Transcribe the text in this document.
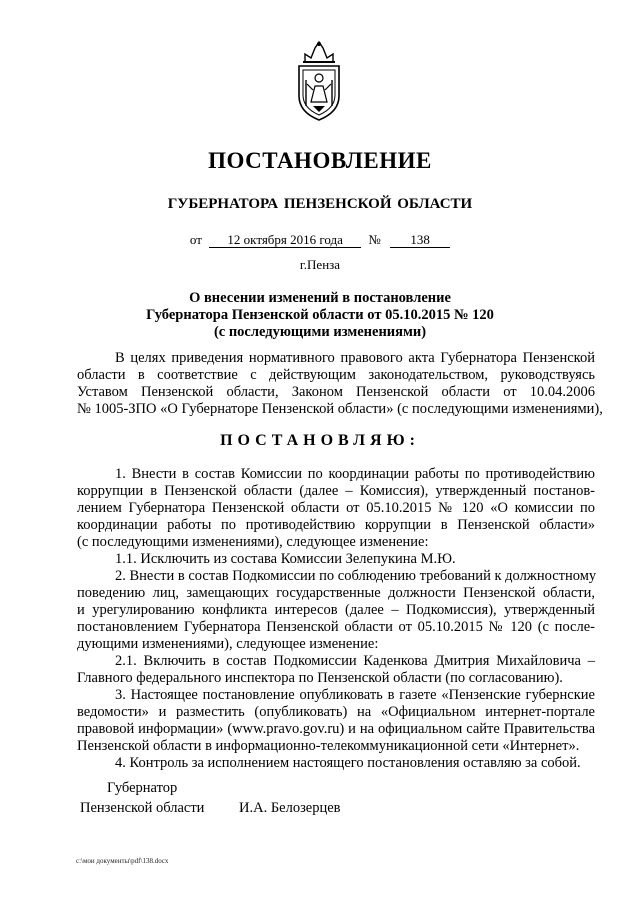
ПОСТАНОВЛЕНИЕ
ГУБЕРНАТОРА ПЕНЗЕНСКОЙ ОБЛАСТИ
от 12 октября 2016 года № 138
г.Пенза
О внесении изменений в постановление
Губернатора Пензенской области от 05.10.2015 № 120
(с последующими изменениями)
В целях приведения нормативного правового акта Губернатора Пензенской
области в соответствие с действующим законодательством, руководствуясь
Уставом Пензенской области, Законом Пензенской области от 10.04.2006
№ 1005-ЗПО «О Губернаторе Пензенской области» (с последующими изменениями),
ПОСТАНОВЛЯЮ:
1. Внести в состав Комиссии по координации работы по противодействию
коррупции в Пензенской области (далее – Комиссия), утвержденный постанов-
лением Губернатора Пензенской области от 05.10.2015 № 120 «О комиссии по
координации работы по противодействию коррупции в Пензенской области»
(с последующими изменениями), следующее изменение:
1.1. Исключить из состава Комиссии Зелепукина М.Ю.
2. Внести в состав Подкомиссии по соблюдению требований к должностному
поведению лиц, замещающих государственные должности Пензенской области,
и урегулированию конфликта интересов (далее – Подкомиссия), утвержденный
постановлением Губернатора Пензенской области от 05.10.2015 № 120 (с после-
дующими изменениями), следующее изменение:
2.1. Включить в состав Подкомиссии Каденкова Дмитрия Михайловича –
Главного федерального инспектора по Пензенской области (по согласованию).
3. Настоящее постановление опубликовать в газете «Пензенские губернские
ведомости» и разместить (опубликовать) на «Официальном интернет-портале
правовой информации» (www.pravo.gov.ru) и на официальном сайте Правительства
Пензенской области в информационно-телекоммуникационной сети «Интернет».
4. Контроль за исполнением настоящего постановления оставляю за собой.
Губернатор
Пензенской области И.А. Белозерцев
c:\мои документы\pdf\138.docx
